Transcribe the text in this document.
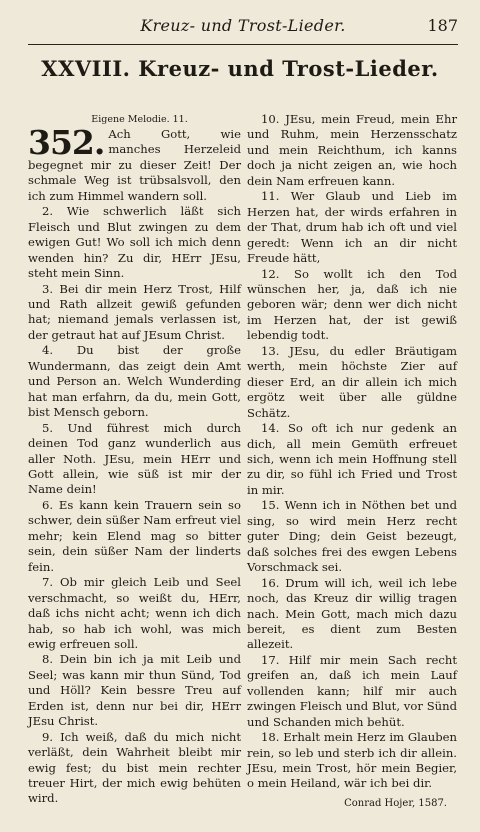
Kreuz- und Trost-Lieder.	187
XXVIII. Kreuz- und Trost-Lieder.
Eigene Melodie. 11.
352. Ach Gott, wie manches Herzeleid begegnet mir zu dieser Zeit! Der schmale Weg ist trübsalsvoll, den ich zum Himmel wandern soll.

2. Wie schwerlich läßt sich Fleisch und Blut zwingen zu dem ewigen Gut! Wo soll ich mich denn wenden hin? Zu dir, HErr JEsu, steht mein Sinn.

3. Bei dir mein Herz Trost, Hilf und Rath allzeit gewiß gefunden hat; niemand jemals verlassen ist, der getraut hat auf JEsum Christ.

4. Du bist der große Wundermann, das zeigt dein Amt und Person an. Welch Wunderding hat man erfahrn, da du, mein Gott, bist Mensch geborn.

5. Und führest mich durch deinen Tod ganz wunderlich aus aller Noth. JEsu, mein HErr und Gott allein, wie süß ist mir der Name dein!

6. Es kann kein Trauern sein so schwer, dein süßer Nam erfreut viel mehr; kein Elend mag so bitter sein, dein süßer Nam der linderts fein.

7. Ob mir gleich Leib und Seel verschmacht, so weißt du, HErr, daß ichs nicht acht; wenn ich dich hab, so hab ich wohl, was mich ewig erfreuen soll.

8. Dein bin ich ja mit Leib und Seel; was kann mir thun Sünd, Tod und Höll? Kein bessre Treu auf Erden ist, denn nur bei dir, HErr JEsu Christ.

9. Ich weiß, daß du mich nicht verläßt, dein Wahrheit bleibt mir ewig fest; du bist mein rechter treuer Hirt, der mich ewig behüten wird.

10. JEsu, mein Freud, mein Ehr und Ruhm, mein Herzensschatz und mein Reichthum, ich kanns doch ja nicht zeigen an, wie hoch dein Nam erfreuen kann.

11. Wer Glaub und Lieb im Herzen hat, der wirds erfahren in der That, drum hab ich oft und viel geredt: Wenn ich an dir nicht Freude hätt,

12. So wollt ich den Tod wünschen her, ja, daß ich nie geboren wär; denn wer dich nicht im Herzen hat, der ist gewiß lebendig todt.

13. JEsu, du edler Bräutigam werth, mein höchste Zier auf dieser Erd, an dir allein ich mich ergötz weit über alle güldne Schätz.

14. So oft ich nur gedenk an dich, all mein Gemüth erfreuet sich, wenn ich mein Hoffnung stell zu dir, so fühl ich Fried und Trost in mir.

15. Wenn ich in Nöthen bet und sing, so wird mein Herz recht guter Ding; dein Geist bezeugt, daß solches frei des ewgen Lebens Vorschmack sei.

16. Drum will ich, weil ich lebe noch, das Kreuz dir willig tragen nach. Mein Gott, mach mich dazu bereit, es dient zum Besten allezeit.

17. Hilf mir mein Sach recht greifen an, daß ich mein Lauf vollenden kann; hilf mir auch zwingen Fleisch und Blut, vor Sünd und Schanden mich behüt.

18. Erhalt mein Herz im Glauben rein, so leb und sterb ich dir allein. JEsu, mein Trost, hör mein Begier, o mein Heiland, wär ich bei dir.

Conrad Hojer, 1587.
